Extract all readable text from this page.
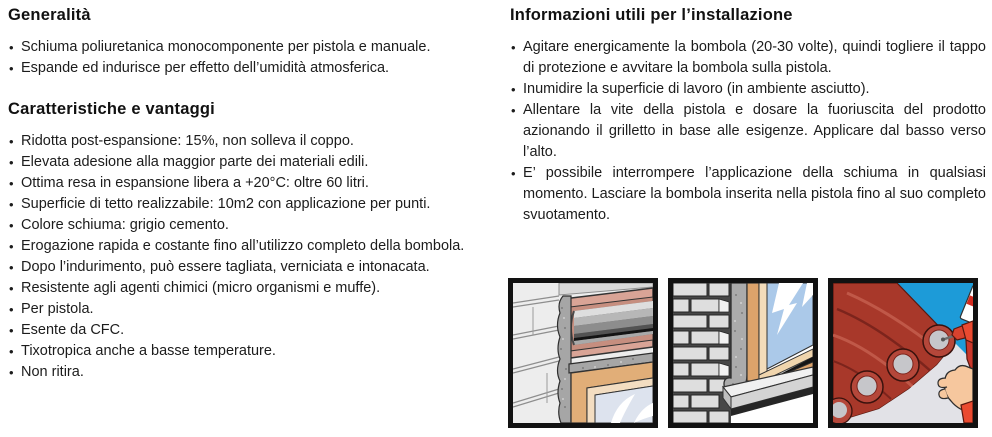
Generalità
• Schiuma poliuretanica monocomponente per pistola e manuale.
• Espande ed indurisce per effetto dell’umidità atmosferica.
Caratteristiche e vantaggi
• Ridotta post-espansione: 15%, non solleva il coppo.
• Elevata adesione alla maggior parte dei materiali edili.
• Ottima resa in espansione libera a +20°C: oltre 60 litri.
• Superficie di tetto realizzabile: 10m2 con applicazione per punti.
• Colore schiuma: grigio cemento.
• Erogazione rapida e costante fino all’utilizzo completo della bombola.
• Dopo l’indurimento, può essere tagliata, verniciata e intonacata.
• Resistente agli agenti chimici (micro organismi e muffe).
• Per pistola.
• Esente da CFC.
• Tixotropica anche a basse temperature.
• Non ritira.
Informazioni utili per l’installazione
• Agitare energicamente la bombola (20-30 volte), quindi togliere il tappo di protezione e avvitare la bombola sulla pistola.
• Inumidire la superficie di lavoro (in ambiente asciutto).
• Allentare la vite della pistola e dosare la fuoriuscita del prodotto azionando il grilletto in base alle esigenze. Applicare dal basso verso l’alto.
• E’ possibile interrompere l’applicazione della schiuma in qualsiasi momento. Lasciare la bombola inserita nella pistola fino al suo completo svuotamento.
